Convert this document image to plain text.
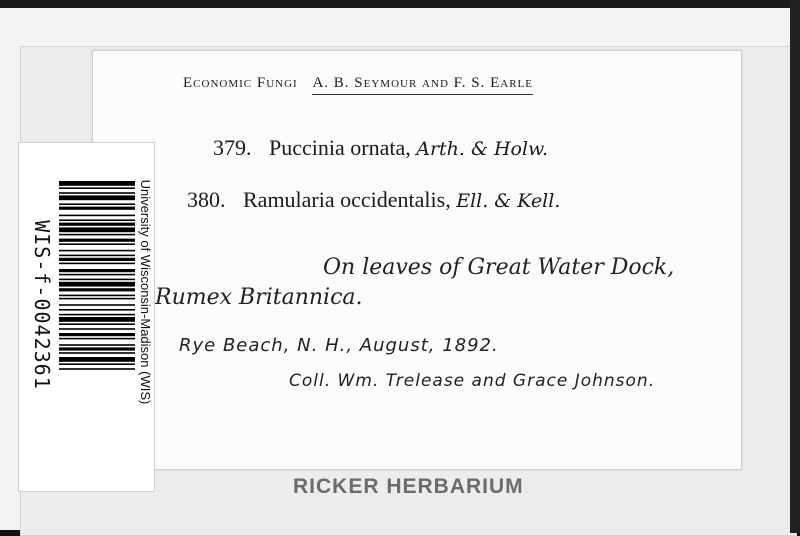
Economic Fungi A. B. Seymour and F. S. Earle
379. Puccinia ornata, Arth. & Holw.
380. Ramularia occidentalis, Ell. & Kell.
On leaves of Great Water Dock,
Rumex Britannica.
Rye Beach, N. H., August, 1892.
Coll. Wm. Trelease and Grace Johnson.
WIS-f-0042361	University of Wisconsin-Madison (WIS)
RICKER HERBARIUM
